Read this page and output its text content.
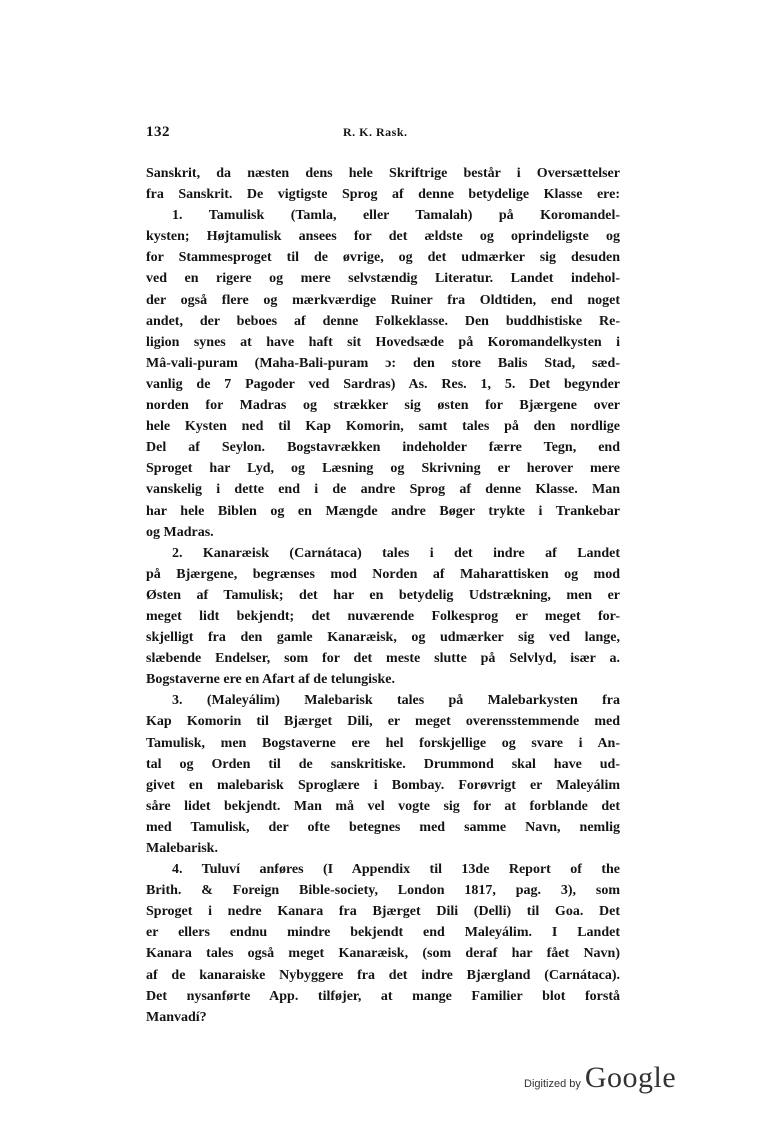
132	R. K. Rask.
Sanskrit, da næsten dens hele Skriftrige består i Oversættelser
fra Sanskrit. De vigtigste Sprog af denne betydelige Klasse ere:
1. Tamulisk (Tamla, eller Tamalah) på Koromandel-
kysten; Højtamulisk ansees for det ældste og oprindeligste og
for Stammesproget til de øvrige, og det udmærker sig desuden
ved en rigere og mere selvstændig Literatur. Landet indehol-
der også flere og mærkværdige Ruiner fra Oldtiden, end noget
andet, der beboes af denne Folkeklasse. Den buddhistiske Re-
ligion synes at have haft sit Hovedsæde på Koromandelkysten i
Mâ-vali-puram (Maha-Bali-puram ɔ: den store Balis Stad, sæd-
vanlig de 7 Pagoder ved Sardras) As. Res. 1, 5. Det begynder
norden for Madras og strækker sig østen for Bjærgene over
hele Kysten ned til Kap Komorin, samt tales på den nordlige
Del af Seylon. Bogstavrækken indeholder færre Tegn, end
Sproget har Lyd, og Læsning og Skrivning er herover mere
vanskelig i dette end i de andre Sprog af denne Klasse. Man
har hele Biblen og en Mængde andre Bøger trykte i Trankebar
og Madras.
2. Kanaræisk (Carnátaca) tales i det indre af Landet
på Bjærgene, begrænses mod Norden af Maharattisken og mod
Østen af Tamulisk; det har en betydelig Udstrækning, men er
meget lidt bekjendt; det nuværende Folkesprog er meget for-
skjelligt fra den gamle Kanaræisk, og udmærker sig ved lange,
slæbende Endelser, som for det meste slutte på Selvlyd, især a.
Bogstaverne ere en Afart af de telungiske.
3. (Maleyálim) Malebarisk tales på Malebarkysten fra
Kap Komorin til Bjærget Dili, er meget overensstemmende med
Tamulisk, men Bogstaverne ere hel forskjellige og svare i An-
tal og Orden til de sanskritiske. Drummond skal have ud-
givet en malebarisk Sproglære i Bombay. Forøvrigt er Maleyálim
såre lidet bekjendt. Man må vel vogte sig for at forblande det
med Tamulisk, der ofte betegnes med samme Navn, nemlig
Malebarisk.
4. Tuluví anføres (I Appendix til 13de Report of the
Brith. & Foreign Bible-society, London 1817, pag. 3), som
Sproget i nedre Kanara fra Bjærget Dili (Delli) til Goa. Det
er ellers endnu mindre bekjendt end Maleyálim. I Landet
Kanara tales også meget Kanaræisk, (som deraf har fået Navn)
af de kanaraiske Nybyggere fra det indre Bjærgland (Carnátaca).
Det nysanførte App. tilføjer, at mange Familier blot forstå
Manvadí?
Digitized by Google
